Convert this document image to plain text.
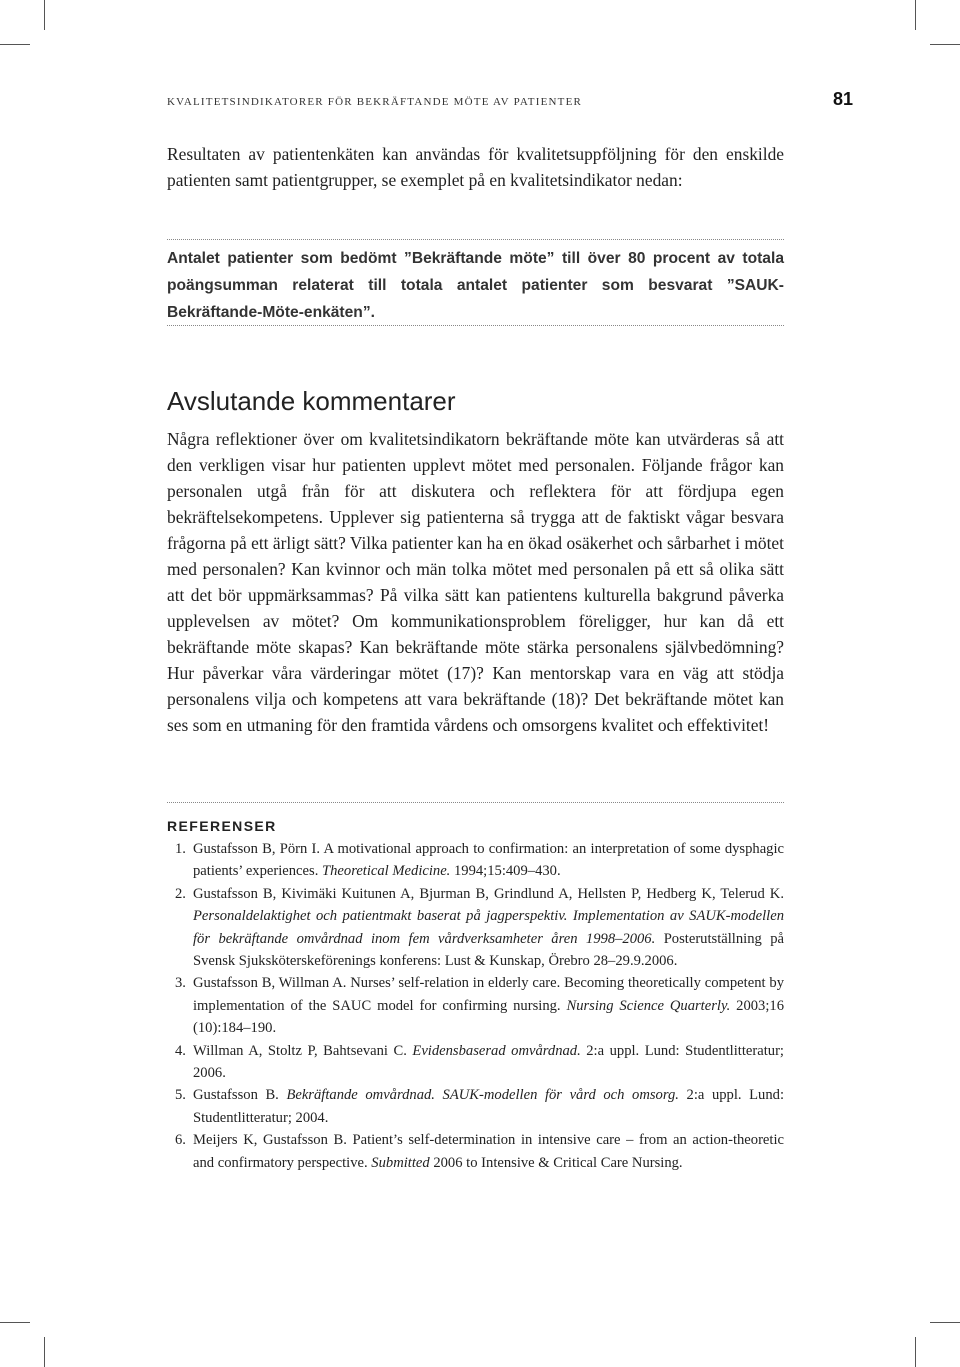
KVALITETSINDIKATORER FÖR BEKRÄFTANDE MÖTE AV PATIENTER	81
Resultaten av patientenkäten kan användas för kvalitetsuppföljning för den enskilde patienten samt patientgrupper, se exemplet på en kvalitetsindikator nedan:
Antalet patienter som bedömt ”Bekräftande möte” till över 80 procent av totala poängsumman relaterat till totala antalet patienter som besvarat ”SAUK-Bekräftande-Möte-enkäten”.
Avslutande kommentarer
Några reflektioner över om kvalitetsindikatorn bekräftande möte kan utvärderas så att den verkligen visar hur patienten upplevt mötet med personalen. Följande frågor kan personalen utgå från för att diskutera och reflektera för att fördjupa egen bekräftelsekompetens. Upplever sig patienterna så trygga att de faktiskt vågar besvara frågorna på ett ärligt sätt? Vilka patienter kan ha en ökad osäkerhet och sårbarhet i mötet med personalen? Kan kvinnor och män tolka mötet med personalen på ett så olika sätt att det bör uppmärksammas? På vilka sätt kan patientens kulturella bakgrund påverka upplevelsen av mötet? Om kommunikationsproblem föreligger, hur kan då ett bekräftande möte skapas? Kan bekräftande möte stärka personalens självbedömning? Hur påverkar våra värderingar mötet (17)? Kan mentorskap vara en väg att stödja personalens vilja och kompetens att vara bekräftande (18)? Det bekräftande mötet kan ses som en utmaning för den framtida vårdens och omsorgens kvalitet och effektivitet!
REFERENSER
1. Gustafsson B, Pörn I. A motivational approach to confirmation: an interpretation of some dysphagic patients’ experiences. Theoretical Medicine. 1994;15:409–430.
2. Gustafsson B, Kivimäki Kuitunen A, Bjurman B, Grindlund A, Hellsten P, Hedberg K, Telerud K. Personaldelaktighet och patientmakt baserat på jagperspektiv. Implementation av SAUK-modellen för bekräftande omvårdnad inom fem vårdverksamheter åren 1998–2006. Posterutställning på Svensk Sjuksköterskeförenings konferens: Lust & Kunskap, Örebro 28–29.9.2006.
3. Gustafsson B, Willman A. Nurses’ self-relation in elderly care. Becoming theoretically competent by implementation of the SAUC model for confirming nursing. Nursing Science Quarterly. 2003;16 (10):184–190.
4. Willman A, Stoltz P, Bahtsevani C. Evidensbaserad omvårdnad. 2:a uppl. Lund: Studentlitteratur; 2006.
5. Gustafsson B. Bekräftande omvårdnad. SAUK-modellen för vård och omsorg. 2:a uppl. Lund: Studentlitteratur; 2004.
6. Meijers K, Gustafsson B. Patient’s self-determination in intensive care – from an action-theoretic and confirmatory perspective. Submitted 2006 to Intensive & Critical Care Nursing.
